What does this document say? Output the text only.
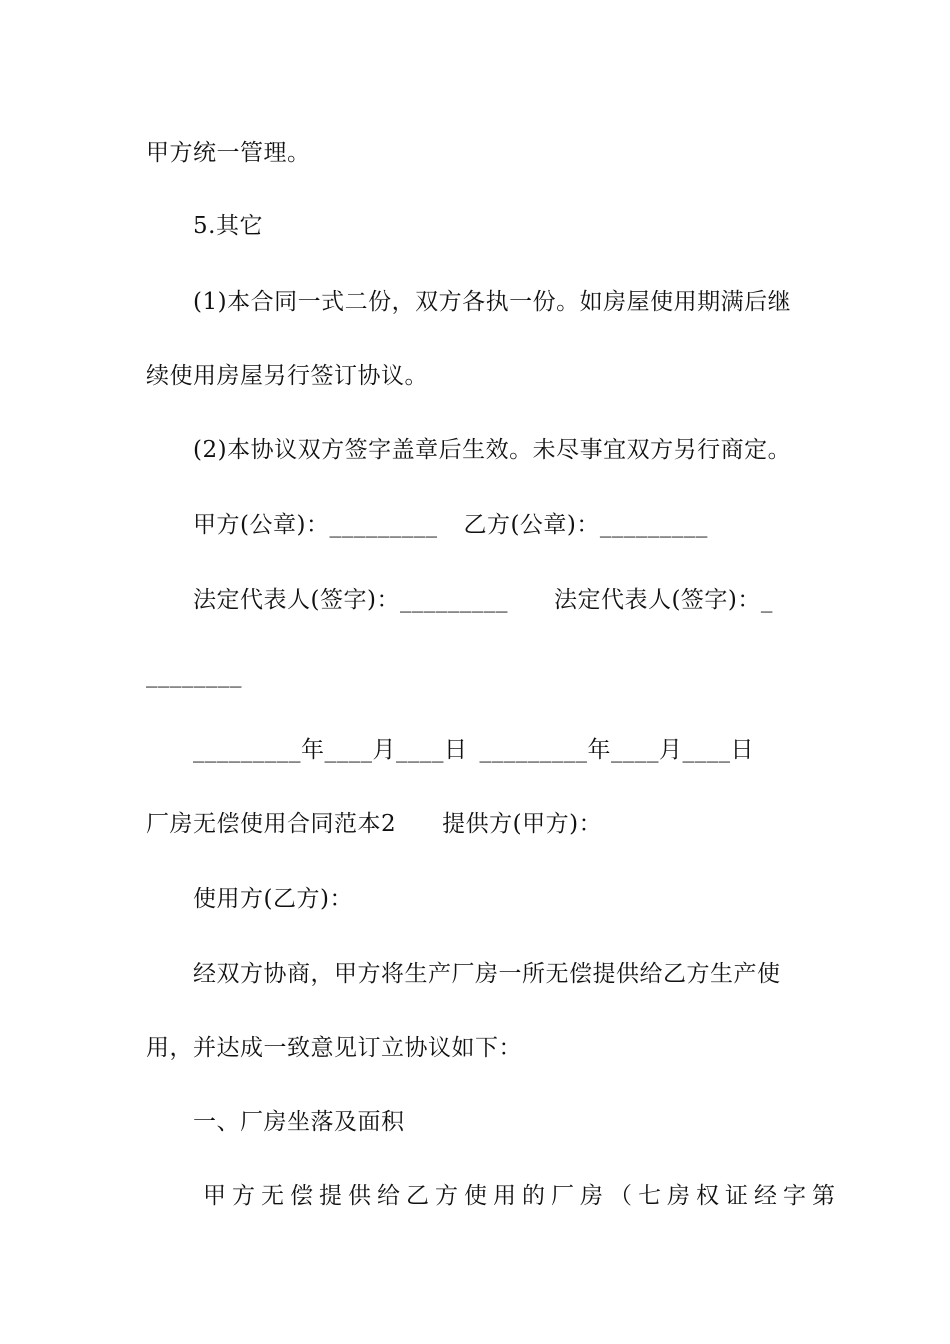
甲方统一管理。
5.其它
(1)本合同一式二份，双方各执一份。如房屋使用期满后继
续使用房屋另行签订协议。
(2)本协议双方签字盖章后生效。未尽事宜双方另行商定。
甲方(公章)：_________ 乙方(公章)：_________
法定代表人(签字)：_________ 法定代表人(签字)：_
________
_________年____月____日 _________年____月____日
厂房无偿使用合同范本2 提供方(甲方)：
使用方(乙方)：
经双方协商，甲方将生产厂房一所无偿提供给乙方生产使
用，并达成一致意见订立协议如下：
一、厂房坐落及面积
甲方无偿提供给乙方使用的厂房（七房权证经字第
